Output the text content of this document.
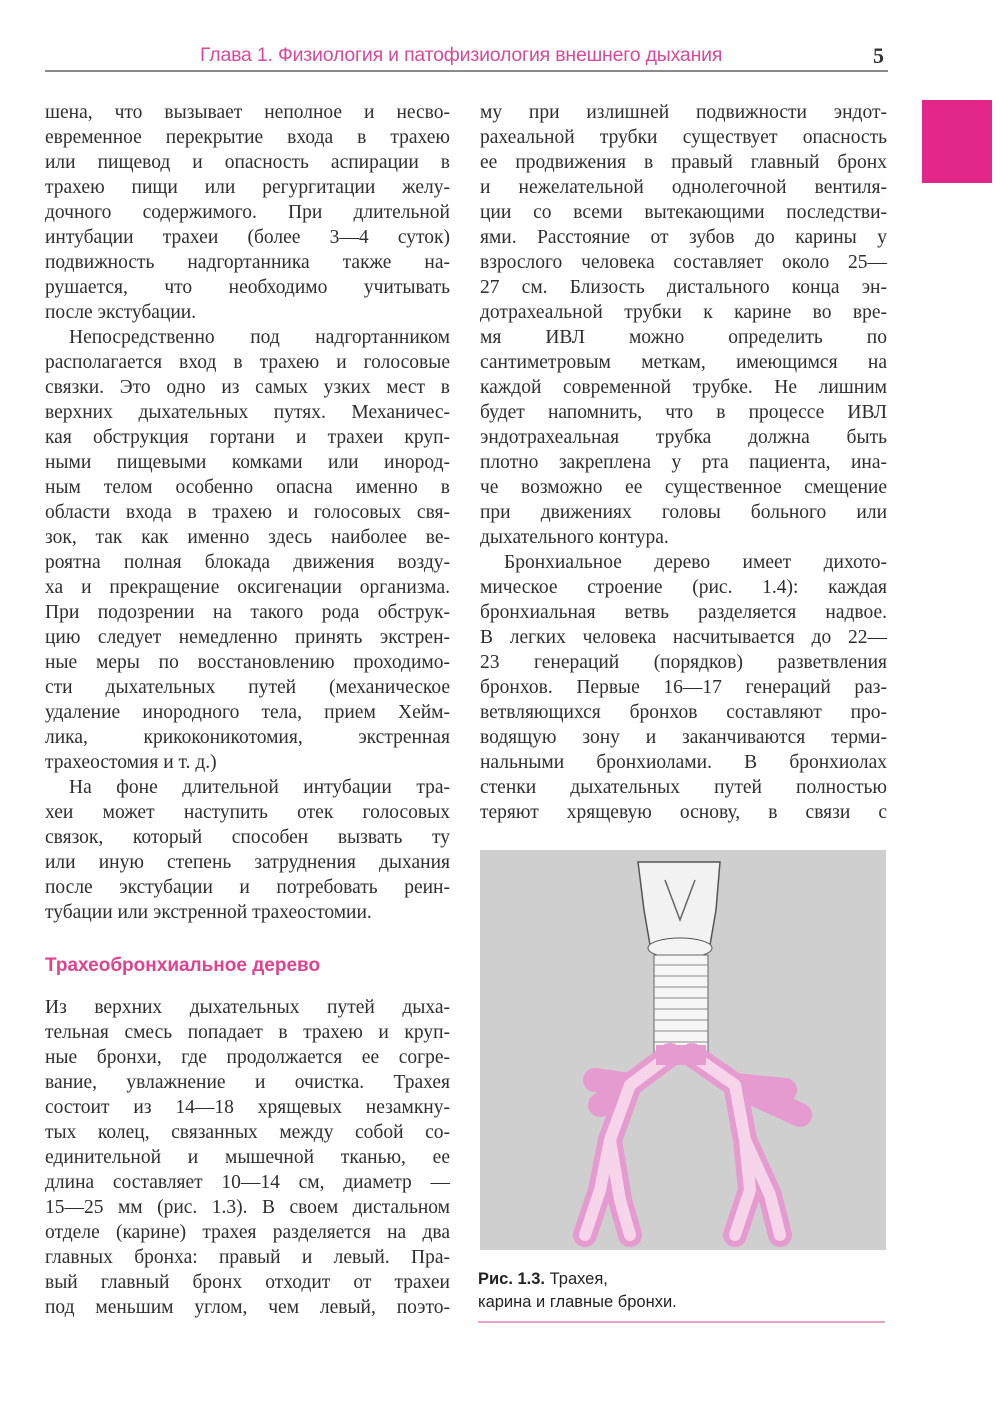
Глава 1. Физиология и патофизиология внешнего дыхания	5
шена, что вызывает неполное и несво-
евременное перекрытие входа в трахею
или пищевод и опасность аспирации в
трахею пищи или регургитации желу-
дочного содержимого. При длительной
интубации трахеи (более 3—4 суток)
подвижность надгортанника также на-
рушается, что необходимо учитывать
после экстубации.
Непосредственно под надгортанником
располагается вход в трахею и голосовые
связки. Это одно из самых узких мест в
верхних дыхательных путях. Механичес-
кая обструкция гортани и трахеи круп-
ными пищевыми комками или инород-
ным телом особенно опасна именно в
области входа в трахею и голосовых свя-
зок, так как именно здесь наиболее ве-
роятна полная блокада движения возду-
ха и прекращение оксигенации организма.
При подозрении на такого рода обструк-
цию следует немедленно принять экстрен-
ные меры по восстановлению проходимо-
сти дыхательных путей (механическое
удаление инородного тела, прием Хейм-
лика, крикоконикотомия, экстренная
трахеостомия и т. д.)
На фоне длительной интубации тра-
хеи может наступить отек голосовых
связок, который способен вызвать ту
или иную степень затруднения дыхания
после экстубации и потребовать реин-
тубации или экстренной трахеостомии.
Трахеобронхиальное дерево
Из верхних дыхательных путей дыха-
тельная смесь попадает в трахею и круп-
ные бронхи, где продолжается ее согре-
вание, увлажнение и очистка. Трахея
состоит из 14—18 хрящевых незамкну-
тых колец, связанных между собой со-
единительной и мышечной тканью, ее
длина составляет 10—14 см, диаметр —
15—25 мм (рис. 1.3). В своем дистальном
отделе (карине) трахея разделяется на два
главных бронха: правый и левый. Пра-
вый главный бронх отходит от трахеи
под меньшим углом, чем левый, поэто-
му при излишней подвижности эндот-
рахеальной трубки существует опасность
ее продвижения в правый главный бронх
и нежелательной однолегочной вентиля-
ции со всеми вытекающими последстви-
ями. Расстояние от зубов до карины у
взрослого человека составляет около 25—
27 см. Близость дистального конца эн-
дотрахеальной трубки к карине во вре-
мя ИВЛ можно определить по
сантиметровым меткам, имеющимся на
каждой современной трубке. Не лишним
будет напомнить, что в процессе ИВЛ
эндотрахеальная трубка должна быть
плотно закреплена у рта пациента, ина-
че возможно ее существенное смещение
при движениях головы больного или
дыхательного контура.
Бронхиальное дерево имеет дихото-
мическое строение (рис. 1.4): каждая
бронхиальная ветвь разделяется надвое.
В легких человека насчитывается до 22—
23 генераций (порядков) разветвления
бронхов. Первые 16—17 генераций раз-
ветвляющихся бронхов составляют про-
водящую зону и заканчиваются терми-
нальными бронхиолами. В бронхиолах
стенки дыхательных путей полностью
теряют хрящевую основу, в связи с
Рис. 1.3. Трахея,
карина и главные бронхи.
